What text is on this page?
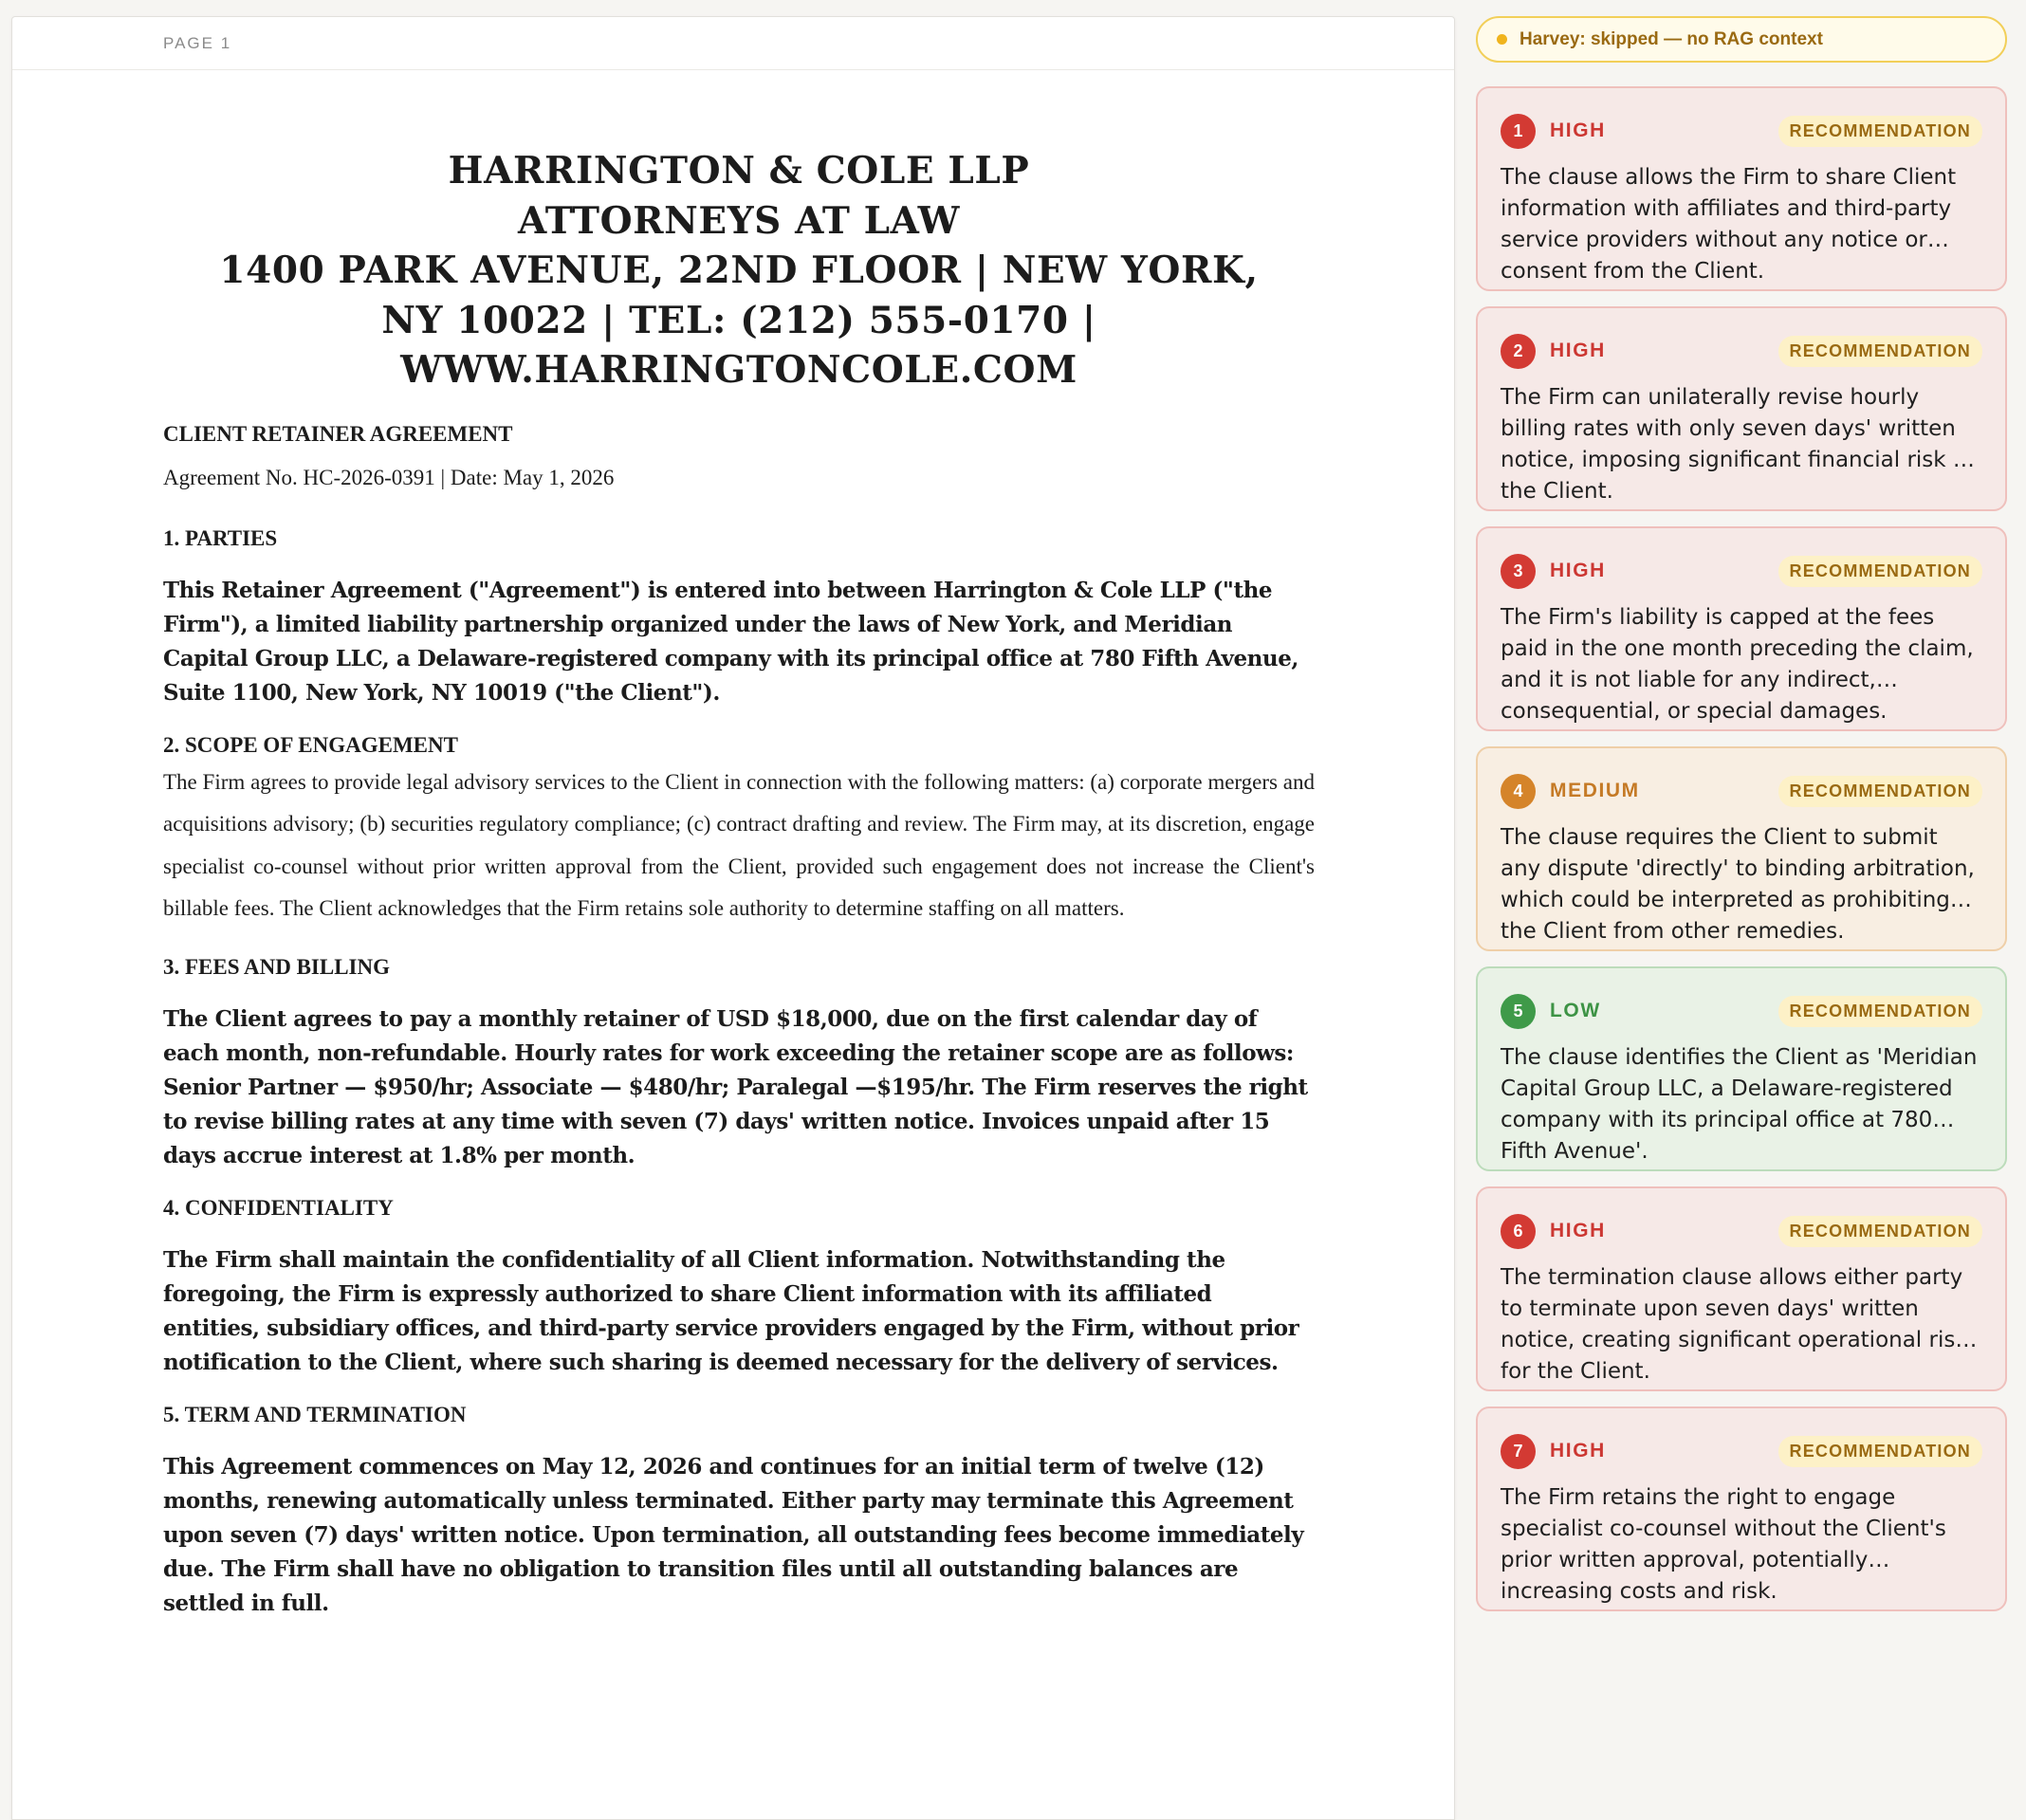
PAGE 1
HARRINGTON & COLE LLP
ATTORNEYS AT LAW
1400 PARK AVENUE, 22ND FLOOR | NEW YORK, NY 10022 | TEL: (212) 555-0170 | WWW.HARRINGTONCOLE.COM
CLIENT RETAINER AGREEMENT
Agreement No. HC-2026-0391 | Date: May 1, 2026
1. PARTIES
This Retainer Agreement ("Agreement") is entered into between Harrington & Cole LLP ("the Firm"), a limited liability partnership organized under the laws of New York, and Meridian Capital Group LLC, a Delaware-registered company with its principal office at 780 Fifth Avenue, Suite 1100, New York, NY 10019 ("the Client").
2. SCOPE OF ENGAGEMENT
The Firm agrees to provide legal advisory services to the Client in connection with the following matters: (a) corporate mergers and acquisitions advisory; (b) securities regulatory compliance; (c) contract drafting and review. The Firm may, at its discretion, engage specialist co-counsel without prior written approval from the Client, provided such engagement does not increase the Client's billable fees. The Client acknowledges that the Firm retains sole authority to determine staffing on all matters.
3. FEES AND BILLING
The Client agrees to pay a monthly retainer of USD $18,000, due on the first calendar day of each month, non-refundable. Hourly rates for work exceeding the retainer scope are as follows: Senior Partner — $950/hr; Associate — $480/hr; Paralegal —$195/hr. The Firm reserves the right to revise billing rates at any time with seven (7) days' written notice. Invoices unpaid after 15 days accrue interest at 1.8% per month.
4. CONFIDENTIALITY
The Firm shall maintain the confidentiality of all Client information. Notwithstanding the foregoing, the Firm is expressly authorized to share Client information with its affiliated entities, subsidiary offices, and third-party service providers engaged by the Firm, without prior notification to the Client, where such sharing is deemed necessary for the delivery of services.
5. TERM AND TERMINATION
This Agreement commences on May 12, 2026 and continues for an initial term of twelve (12) months, renewing automatically unless terminated. Either party may terminate this Agreement upon seven (7) days' written notice. Upon termination, all outstanding fees become immediately due. The Firm shall have no obligation to transition files until all outstanding balances are settled in full.
Harvey: skipped — no RAG context
1	HIGH	RECOMMENDATION
The clause allows the Firm to share Client information with affiliates and third-party service providers without any notice or consent from the Client.
2	HIGH	RECOMMENDATION
The Firm can unilaterally revise hourly billing rates with only seven days' written notice, imposing significant financial risk on the Client.
3	HIGH	RECOMMENDATION
The Firm's liability is capped at the fees paid in the one month preceding the claim, and it is not liable for any indirect, consequential, or special damages.
4	MEDIUM	RECOMMENDATION
The clause requires the Client to submit any dispute 'directly' to binding arbitration, which could be interpreted as prohibiting the Client from other remedies.
5	LOW	RECOMMENDATION
The clause identifies the Client as 'Meridian Capital Group LLC, a Delaware-registered company with its principal office at 780 Fifth Avenue'.
6	HIGH	RECOMMENDATION
The termination clause allows either party to terminate upon seven days' written notice, creating significant operational risk for the Client.
7	HIGH	RECOMMENDATION
The Firm retains the right to engage specialist co-counsel without the Client's prior written approval, potentially increasing costs and risk.
